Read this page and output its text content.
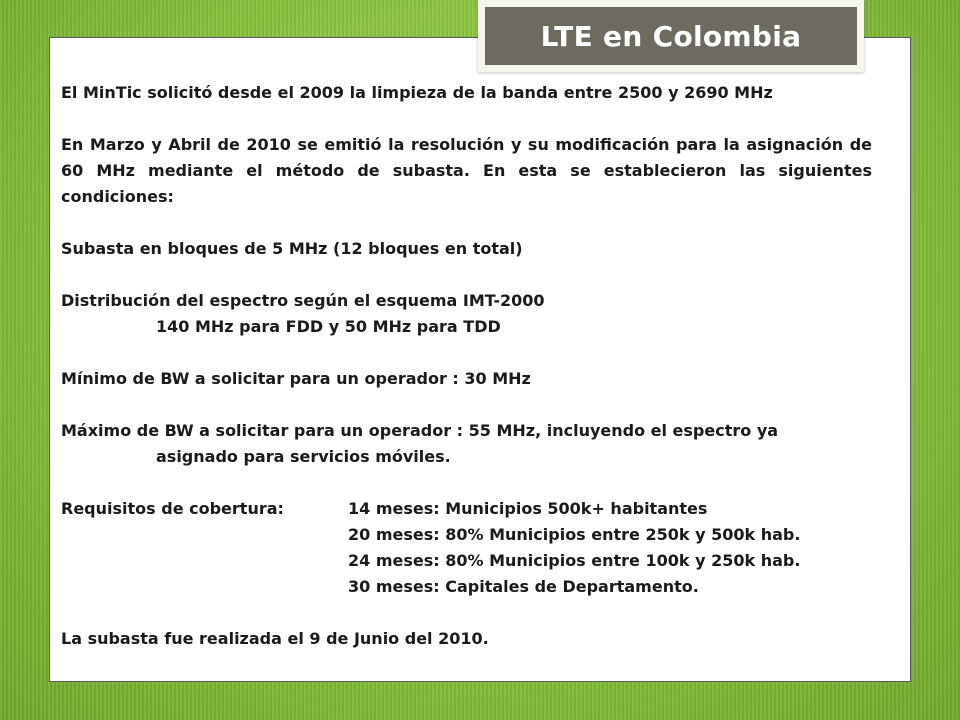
LTE en Colombia
El MinTic solicitó desde el 2009 la limpieza de la banda entre 2500 y 2690 MHz
En Marzo y Abril de 2010 se emitió la resolución y su modificación para la asignación de 60 MHz mediante el método de subasta. En esta se establecieron las siguientes condiciones:
Subasta en bloques de 5 MHz (12 bloques en total)
Distribución del espectro según el esquema IMT-2000
140 MHz para FDD y 50 MHz para TDD
Mínimo de BW a solicitar para un operador : 30 MHz
Máximo de BW a solicitar para un operador : 55 MHz, incluyendo el espectro ya
asignado para servicios móviles.
Requisitos de cobertura:	14 meses: Municipios 500k+ habitantes
20 meses: 80% Municipios entre 250k y 500k hab.
24 meses: 80% Municipios entre 100k y 250k hab.
30 meses: Capitales de Departamento.
La subasta fue realizada el 9 de Junio del 2010.
